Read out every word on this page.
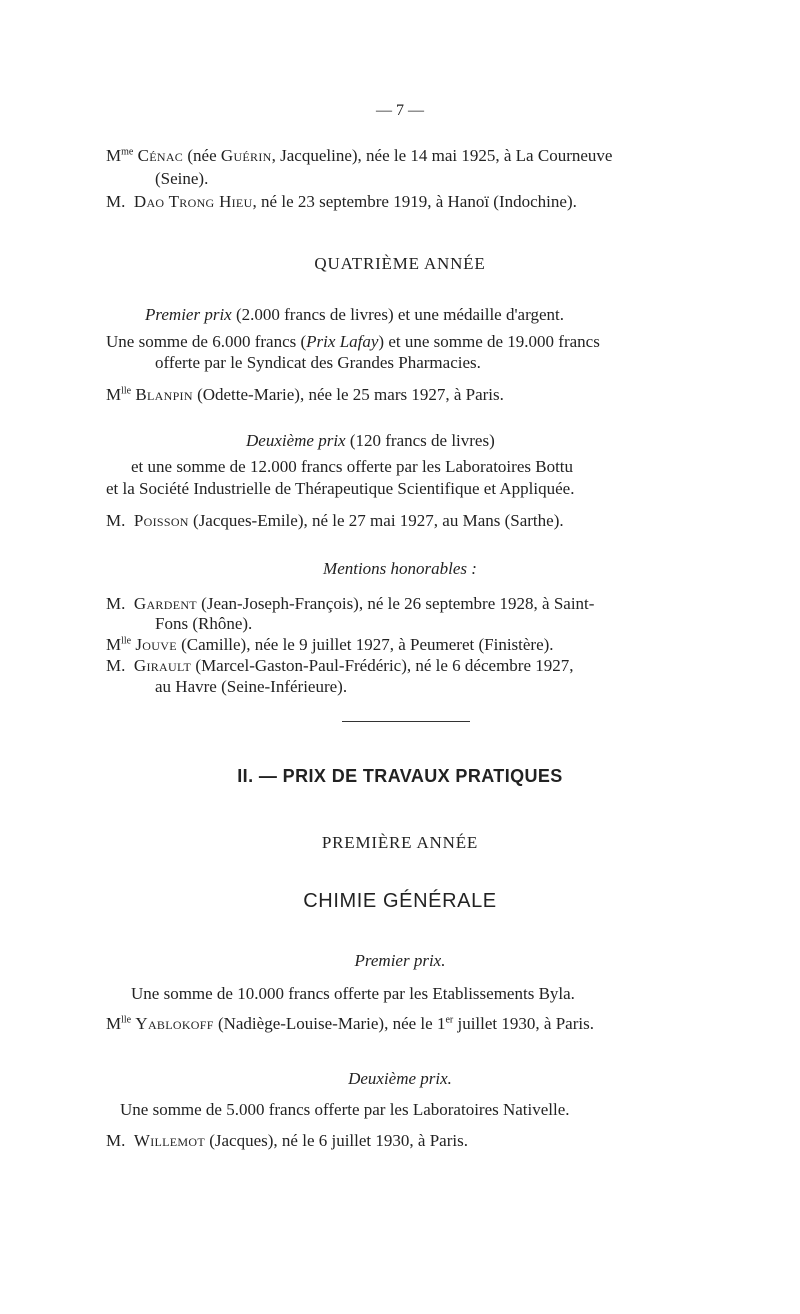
— 7 —
$M^{me}$ Cénac (née Guérin, Jacqueline), née le 14 mai 1925, à La Courneuve
(Seine).
M. Dao Trong Hieu, né le 23 septembre 1919, à Hanoï (Indochine).
QUATRIÈME ANNÉE
Premier prix (2.000 francs de livres) et une médaille d'argent.
Une somme de 6.000 francs (Prix Lafay) et une somme de 19.000 francs
offerte par le Syndicat des Grandes Pharmacies.
$M^{lle}$ Blanpin (Odette-Marie), née le 25 mars 1927, à Paris.
Deuxième prix (120 francs de livres)
et une somme de 12.000 francs offerte par les Laboratoires Bottu
et la Société Industrielle de Thérapeutique Scientifique et Appliquée.
M. Poisson (Jacques-Emile), né le 27 mai 1927, au Mans (Sarthe).
Mentions honorables :
M. Gardent (Jean-Joseph-François), né le 26 septembre 1928, à Saint-
Fons (Rhône).
$M^{lle}$ Jouve (Camille), née le 9 juillet 1927, à Peumeret (Finistère).
M. Girault (Marcel-Gaston-Paul-Frédéric), né le 6 décembre 1927,
au Havre (Seine-Inférieure).
II. — PRIX DE TRAVAUX PRATIQUES
PREMIÈRE ANNÉE
CHIMIE GÉNÉRALE
Premier prix.
Une somme de 10.000 francs offerte par les Etablissements Byla.
$M^{lle}$ Yablokoff (Nadiège-Louise-Marie), née le 1er juillet 1930, à Paris.
Deuxième prix.
Une somme de 5.000 francs offerte par les Laboratoires Nativelle.
M. Willemot (Jacques), né le 6 juillet 1930, à Paris.
